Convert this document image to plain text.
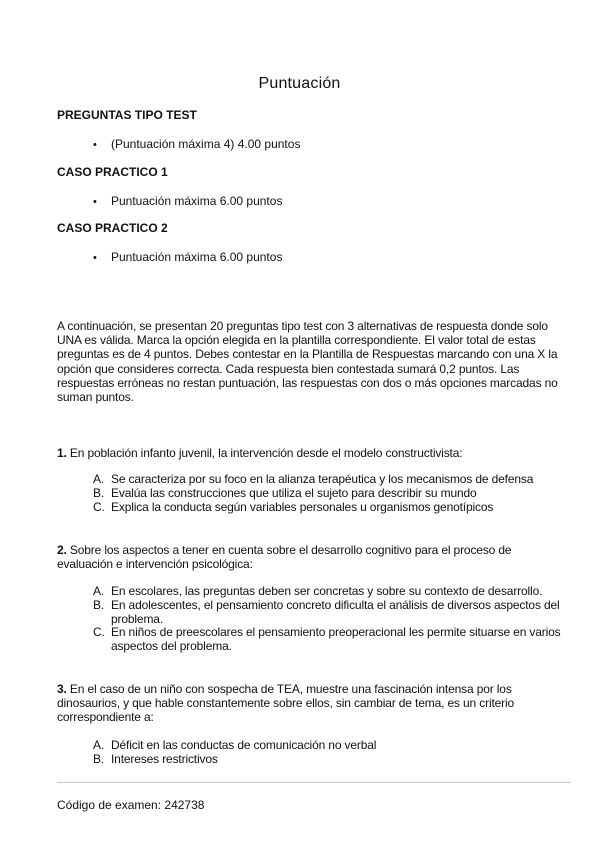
Puntuación
PREGUNTAS TIPO TEST
•	(Puntuación máxima 4) 4.00 puntos
CASO PRACTICO 1
•	Puntuación máxima 6.00 puntos
CASO PRACTICO 2
•	Puntuación máxima 6.00 puntos
A continuación, se presentan 20 preguntas tipo test con 3 alternativas de respuesta donde solo UNA es válida. Marca la opción elegida en la plantilla correspondiente. El valor total de estas preguntas es de 4 puntos. Debes contestar en la Plantilla de Respuestas marcando con una X la opción que consideres correcta. Cada respuesta bien contestada sumará 0,2 puntos. Las respuestas erróneas no restan puntuación, las respuestas con dos o más opciones marcadas no suman puntos.
1. En población infanto juvenil, la intervención desde el modelo constructivista:
A. Se caracteriza por su foco en la alianza terapéutica y los mecanismos de defensa
B. Evalúa las construcciones que utiliza el sujeto para describir su mundo
C. Explica la conducta según variables personales u organismos genotípicos
2. Sobre los aspectos a tener en cuenta sobre el desarrollo cognitivo para el proceso de evaluación e intervención psicológica:
A. En escolares, las preguntas deben ser concretas y sobre su contexto de desarrollo.
B. En adolescentes, el pensamiento concreto dificulta el análisis de diversos aspectos del problema.
C. En niños de preescolares el pensamiento preoperacional les permite situarse en varios aspectos del problema.
3. En el caso de un niño con sospecha de TEA, muestre una fascinación intensa por los dinosaurios, y que hable constantemente sobre ellos, sin cambiar de tema, es un criterio correspondiente a:
A. Déficit en las conductas de comunicación no verbal
B. Intereses restrictivos
Código de examen: 242738
